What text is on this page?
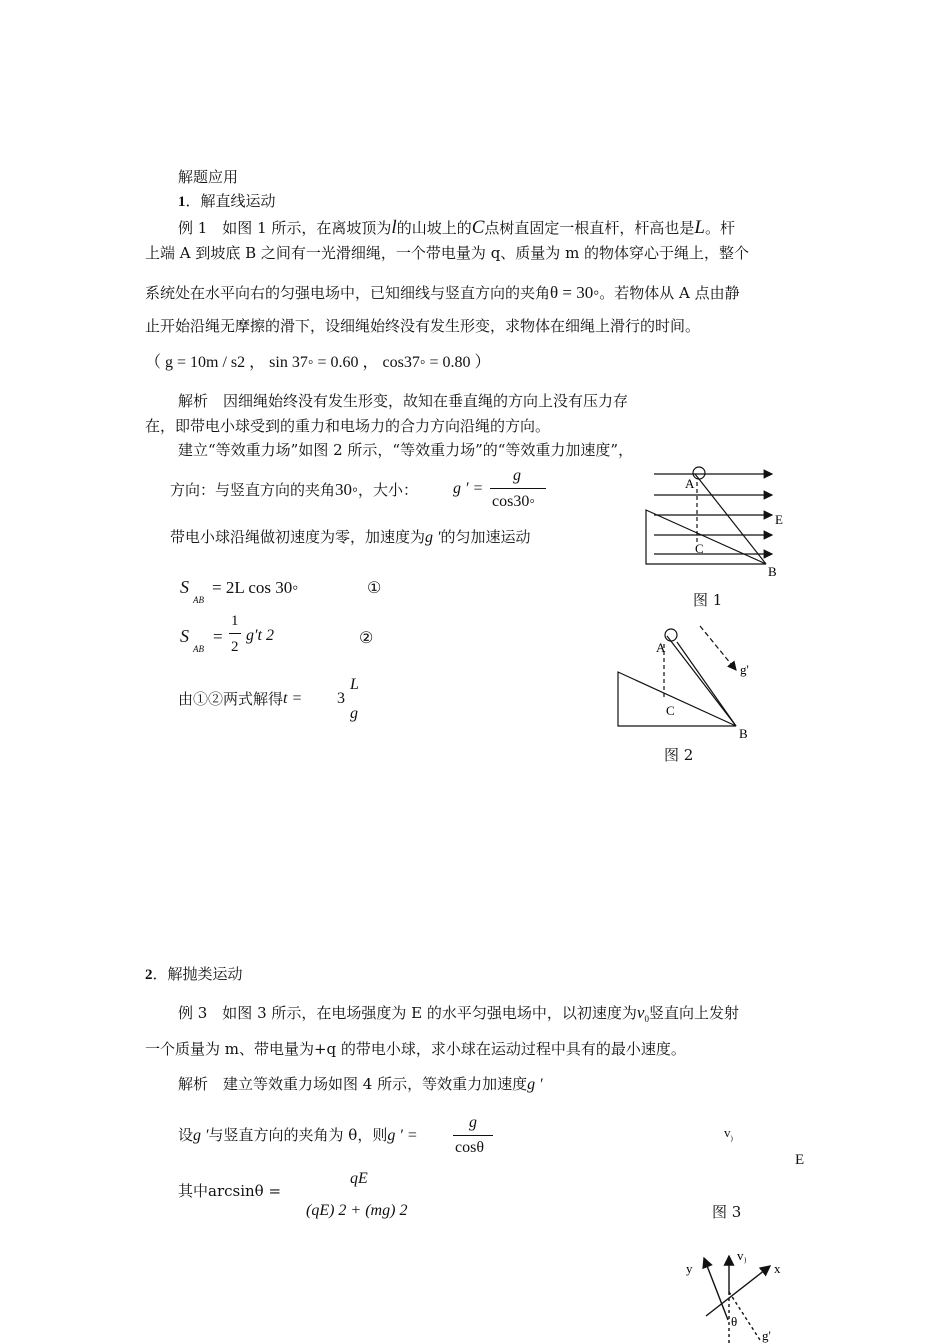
解题应用
1．解直线运动
例 1　如图 1 所示，在离坡顶为l的山坡上的C点树直固定一根直杆，杆高也是L。杆
上端 A 到坡底 B 之间有一光滑细绳，一个带电量为 q、质量为 m 的物体穿心于绳上，整个
系统处在水平向右的匀强电场中，已知细线与竖直方向的夹角θ = 30◦。若物体从 A 点由静
止开始沿绳无摩擦的滑下，设细绳始终没有发生形变，求物体在细绳上滑行的时间。
（ g = 10m / s2 ， sin 37◦ = 0.60 ， cos37◦ = 0.80 ）
解析　因细绳始终没有发生形变，故知在垂直绳的方向上没有压力存
在，即带电小球受到的重力和电场力的合力方向沿绳的方向。
建立“等效重力场”如图 2 所示，“等效重力场”的“等效重力加速度”，
方向：与竖直方向的夹角30◦，大小： g ′ =
g
cos30◦
带电小球沿绳做初速度为零，加速度为g ′的匀加速运动
S
AB
= 2L cos 30◦	①
S
AB
=
1
2
g′t 2	②
由①②两式解得 t = 3
L
g
A
C
E
B
图 1
A
C
B
g'
图 2
2．解抛类运动
例 3　如图 3 所示，在电场强度为 E 的水平匀强电场中，以初速度为$v_0$竖直向上发射
一个质量为 m、带电量为+q 的带电小球，求小球在运动过程中具有的最小速度。
解析　建立等效重力场如图 4 所示，等效重力加速度g ′
设g ′与竖直方向的夹角为 θ，则g ′ =
g
cosθ
其中arcsinθ =
qE
(qE) 2 + (mg) 2
$v_)$
E
图 3
y	x
v )
θ
g'
